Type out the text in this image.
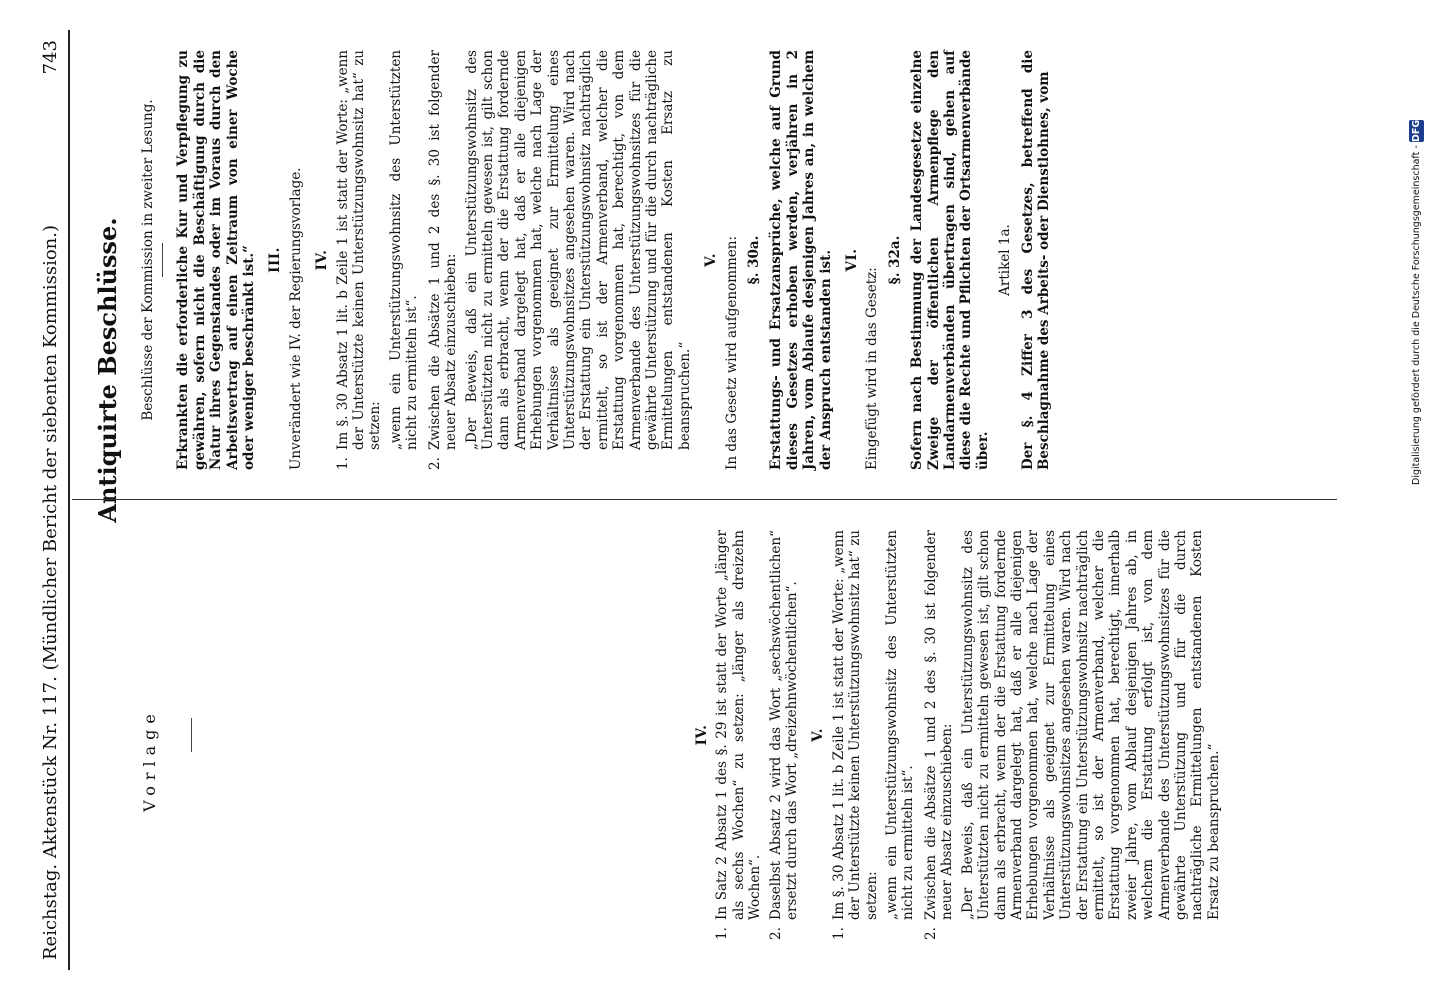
Reichstag. Aktenstück Nr. 117. (Mündlicher Bericht der siebenten Kommission.)
743
Antiquirte Beschlüsse.
Vorlage	IV.
1.
In Satz 2 Absatz 1 des §. 29 ist statt der Worte „länger als sechs Wochen“ zu setzen: „länger als dreizehn Wochen“.
2.
Daselbst Absatz 2 wird das Wort „sechswöchentlichen“ ersetzt durch das Wort „dreizehnwöchentlichen“. V.
1.
Im §. 30 Absatz 1 lit. b Zeile 1 ist statt der Worte: „wenn der Unterstützte keinen Unterstützungswohnsitz hat“ zu setzen: „wenn ein Unterstützungswohnsitz des Unterstützten nicht zu ermitteln ist“.

2.
Zwischen die Absätze 1 und 2 des §. 30 ist folgender neuer Absatz einzuschieben: „Der Beweis, daß ein Unterstützungswohnsitz des Unterstützten nicht zu ermitteln gewesen ist, gilt schon dann als erbracht, wenn der die Erstattung fordernde Armenverband dargelegt hat, daß er alle diejenigen Erhebungen vorgenommen hat, welche nach Lage der Verhältnisse als geeignet zur Ermittelung eines Unterstützungswohnsitzes angesehen waren. Wird nach der Erstattung ein Unterstützungswohnsitz nachträglich ermittelt, so ist der Armenverband, welcher die Erstattung vorgenommen hat, berechtigt, innerhalb zweier Jahre, vom Ablauf desjenigen Jahres ab, in welchem die Erstattung erfolgt ist, von dem Armenverbande des Unterstützungswohnsitzes für die gewährte Unterstützung und für die durch nachträgliche Ermittelungen entstandenen Kosten Ersatz zu beanspruchen.“

Beschlüsse der Kommission in zweiter Lesung. Erkrankten die erforderliche Kur und Verpflegung zu gewähren, sofern nicht die Beschäftigung durch die Natur ihres Gegenstandes oder im Voraus durch den Arbeitsvertrag auf einen Zeitraum von einer Woche oder weniger beschränkt ist.“ III. Unverändert wie IV. der Regierungsvorlage. IV.
1.
Im §. 30 Absatz 1 lit. b Zeile 1 ist statt der Worte: „wenn der Unterstützte keinen Unterstützungswohnsitz hat“ zu setzen: „wenn ein Unterstützungswohnsitz des Unterstützten nicht zu ermitteln ist“.

2.
Zwischen die Absätze 1 und 2 des §. 30 ist folgender neuer Absatz einzuschieben: „Der Beweis, daß ein Unterstützungswohnsitz des Unterstützten nicht zu ermitteln gewesen ist, gilt schon dann als erbracht, wenn der die Erstattung fordernde Armenverband dargelegt hat, daß er alle diejenigen Erhebungen vorgenommen hat, welche nach Lage der Verhältnisse als geeignet zur Ermittelung eines Unterstützungswohnsitzes angesehen waren. Wird nach der Erstattung ein Unterstützungswohnsitz nachträglich ermittelt, so ist der Armenverband, welcher die Erstattung vorgenommen hat, berechtigt, von dem Armenverbande des Unterstützungswohnsitzes für die gewährte Unterstützung und für die durch nachträgliche Ermittelungen entstandenen Kosten Ersatz zu beanspruchen.“

V. In das Gesetz wird aufgenommen: §. 30a. Erstattungs- und Ersatzansprüche, welche auf Grund dieses Gesetzes erhoben werden, verjähren in 2 Jahren, vom Ablaufe desjenigen Jahres an, in welchem der Anspruch entstanden ist. VI.

Eingefügt wird in das Gesetz:

§. 32a. Sofern nach Bestimmung der Landesgesetze einzelne Zweige der öffentlichen Armenpflege den Landarmenverbänden übertragen sind, gehen auf diese die Rechte und Pflichten der Ortsarmenverbände über.

Artikel 1a. Der §. 4 Ziffer 3 des Gesetzes, betreffend die Beschlagnahme des Arbeits- oder Dienstlohnes, vom	Digitalisierung gefördert durch die Deutsche Forschungsgemeinschaft - DFG
